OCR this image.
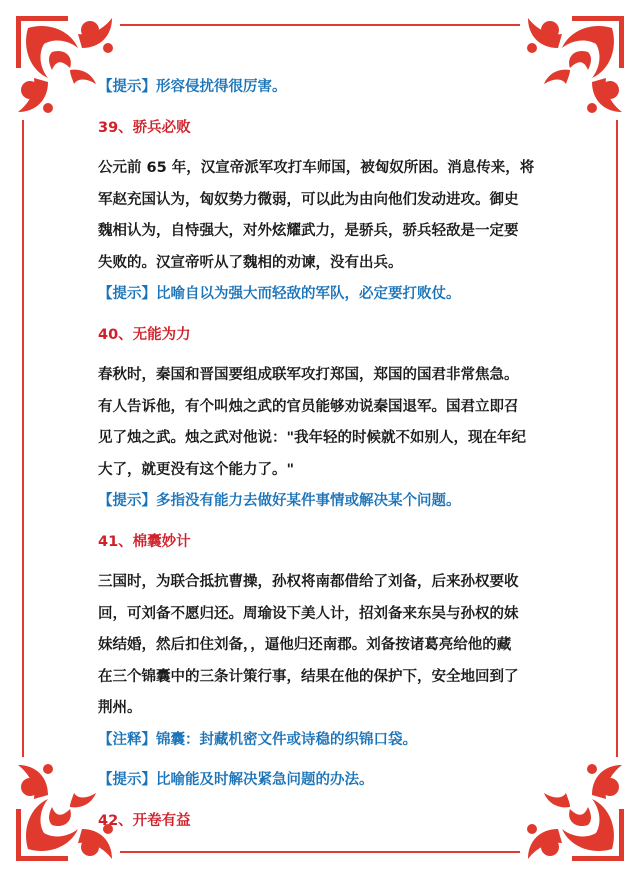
【提示】形容侵扰得很厉害。

39、骄兵必败

公元前 65 年，汉宣帝派军攻打车师国，被匈奴所困。消息传来，将

军赵充国认为，匈奴势力微弱，可以此为由向他们发动进攻。御史

魏相认为，自恃强大，对外炫耀武力，是骄兵，骄兵轻敌是一定要

失败的。汉宣帝听从了魏相的劝谏，没有出兵。

【提示】比喻自以为强大而轻敌的军队，必定要打败仗。

40、无能为力

春秋时，秦国和晋国要组成联军攻打郑国，郑国的国君非常焦急。

有人告诉他，有个叫烛之武的官员能够劝说秦国退军。国君立即召

见了烛之武。烛之武对他说："我年轻的时候就不如别人，现在年纪

大了，就更没有这个能力了。"

【提示】多指没有能力去做好某件事情或解决某个问题。

41、棉囊妙计

三国时，为联合抵抗曹操，孙权将南都借给了刘备，后来孙权要收

回，可刘备不愿归还。周瑜设下美人计，招刘备来东吴与孙权的妹

妹结婚，然后扣住刘备，，逼他归还南郡。刘备按诸葛亮给他的藏

在三个锦囊中的三条计策行事，结果在他的保护下，安全地回到了

荆州。

【注释】锦囊：封藏机密文件或诗稳的织锦口袋。

【提示】比喻能及时解决紧急问题的办法。

42、开卷有益
